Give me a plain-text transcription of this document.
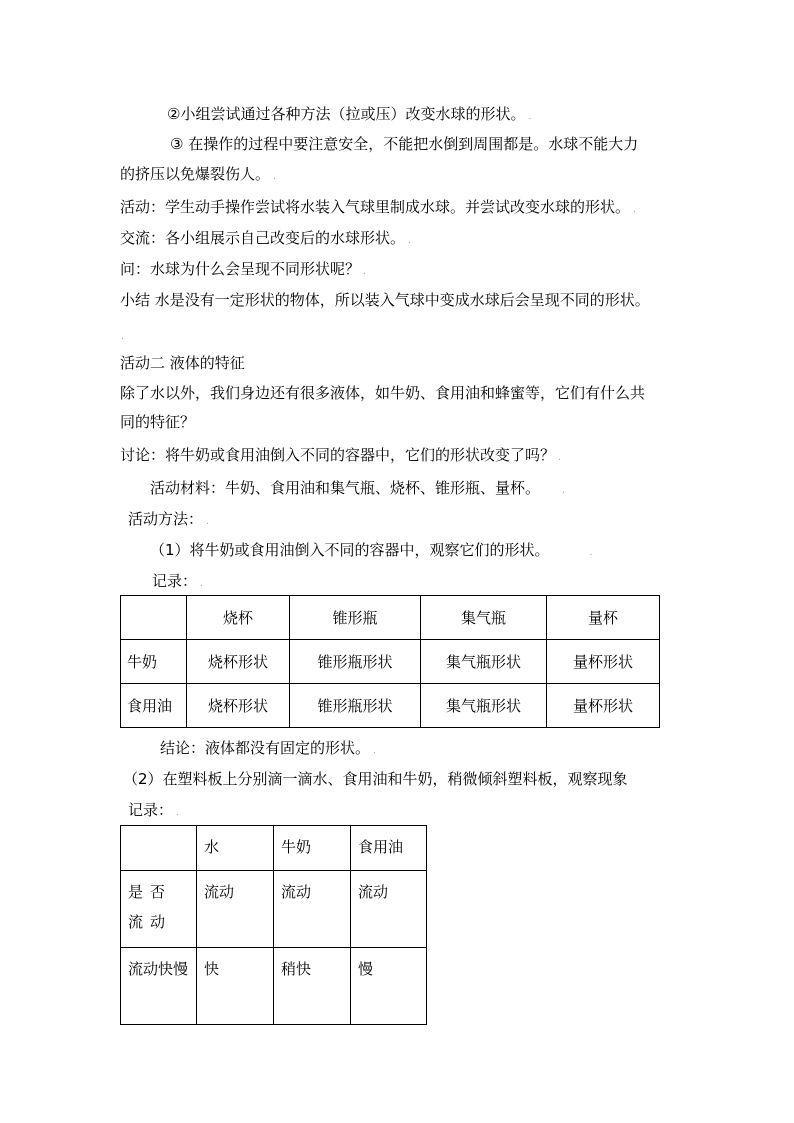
②小组尝试通过各种方法（拉或压）改变水球的形状。 .
③ 在操作的过程中要注意安全，不能把水倒到周围都是。水球不能大力
的挤压以免爆裂伤人。 .
活动：学生动手操作尝试将水装入气球里制成水球。并尝试改变水球的形状。 .
交流：各小组展示自己改变后的水球形状。 .
问：水球为什么会呈现不同形状呢？ .
小结 水是没有一定形状的物体，所以装入气球中变成水球后会呈现不同的形状。
.
活动二 液体的特征
除了水以外，我们身边还有很多液体，如牛奶、食用油和蜂蜜等，它们有什么共
同的特征？
讨论：将牛奶或食用油倒入不同的容器中，它们的形状改变了吗？ .
活动材料：牛奶、食用油和集气瓶、烧杯、锥形瓶、量杯。 .
活动方法： .
（1）将牛奶或食用油倒入不同的容器中，观察它们的形状。	.
记录： .
	烧杯	锥形瓶	集气瓶	量杯
牛奶	烧杯形状	锥形瓶形状	集气瓶形状	量杯形状
食用油	烧杯形状	锥形瓶形状	集气瓶形状	量杯形状
结论：液体都没有固定的形状。 .
（2）在塑料板上分别滴一滴水、食用油和牛奶，稍微倾斜塑料板，观察现象
记录： .
	水	牛奶	食用油
是否流动	流动	流动	流动
流动快慢	快	稍快	慢
